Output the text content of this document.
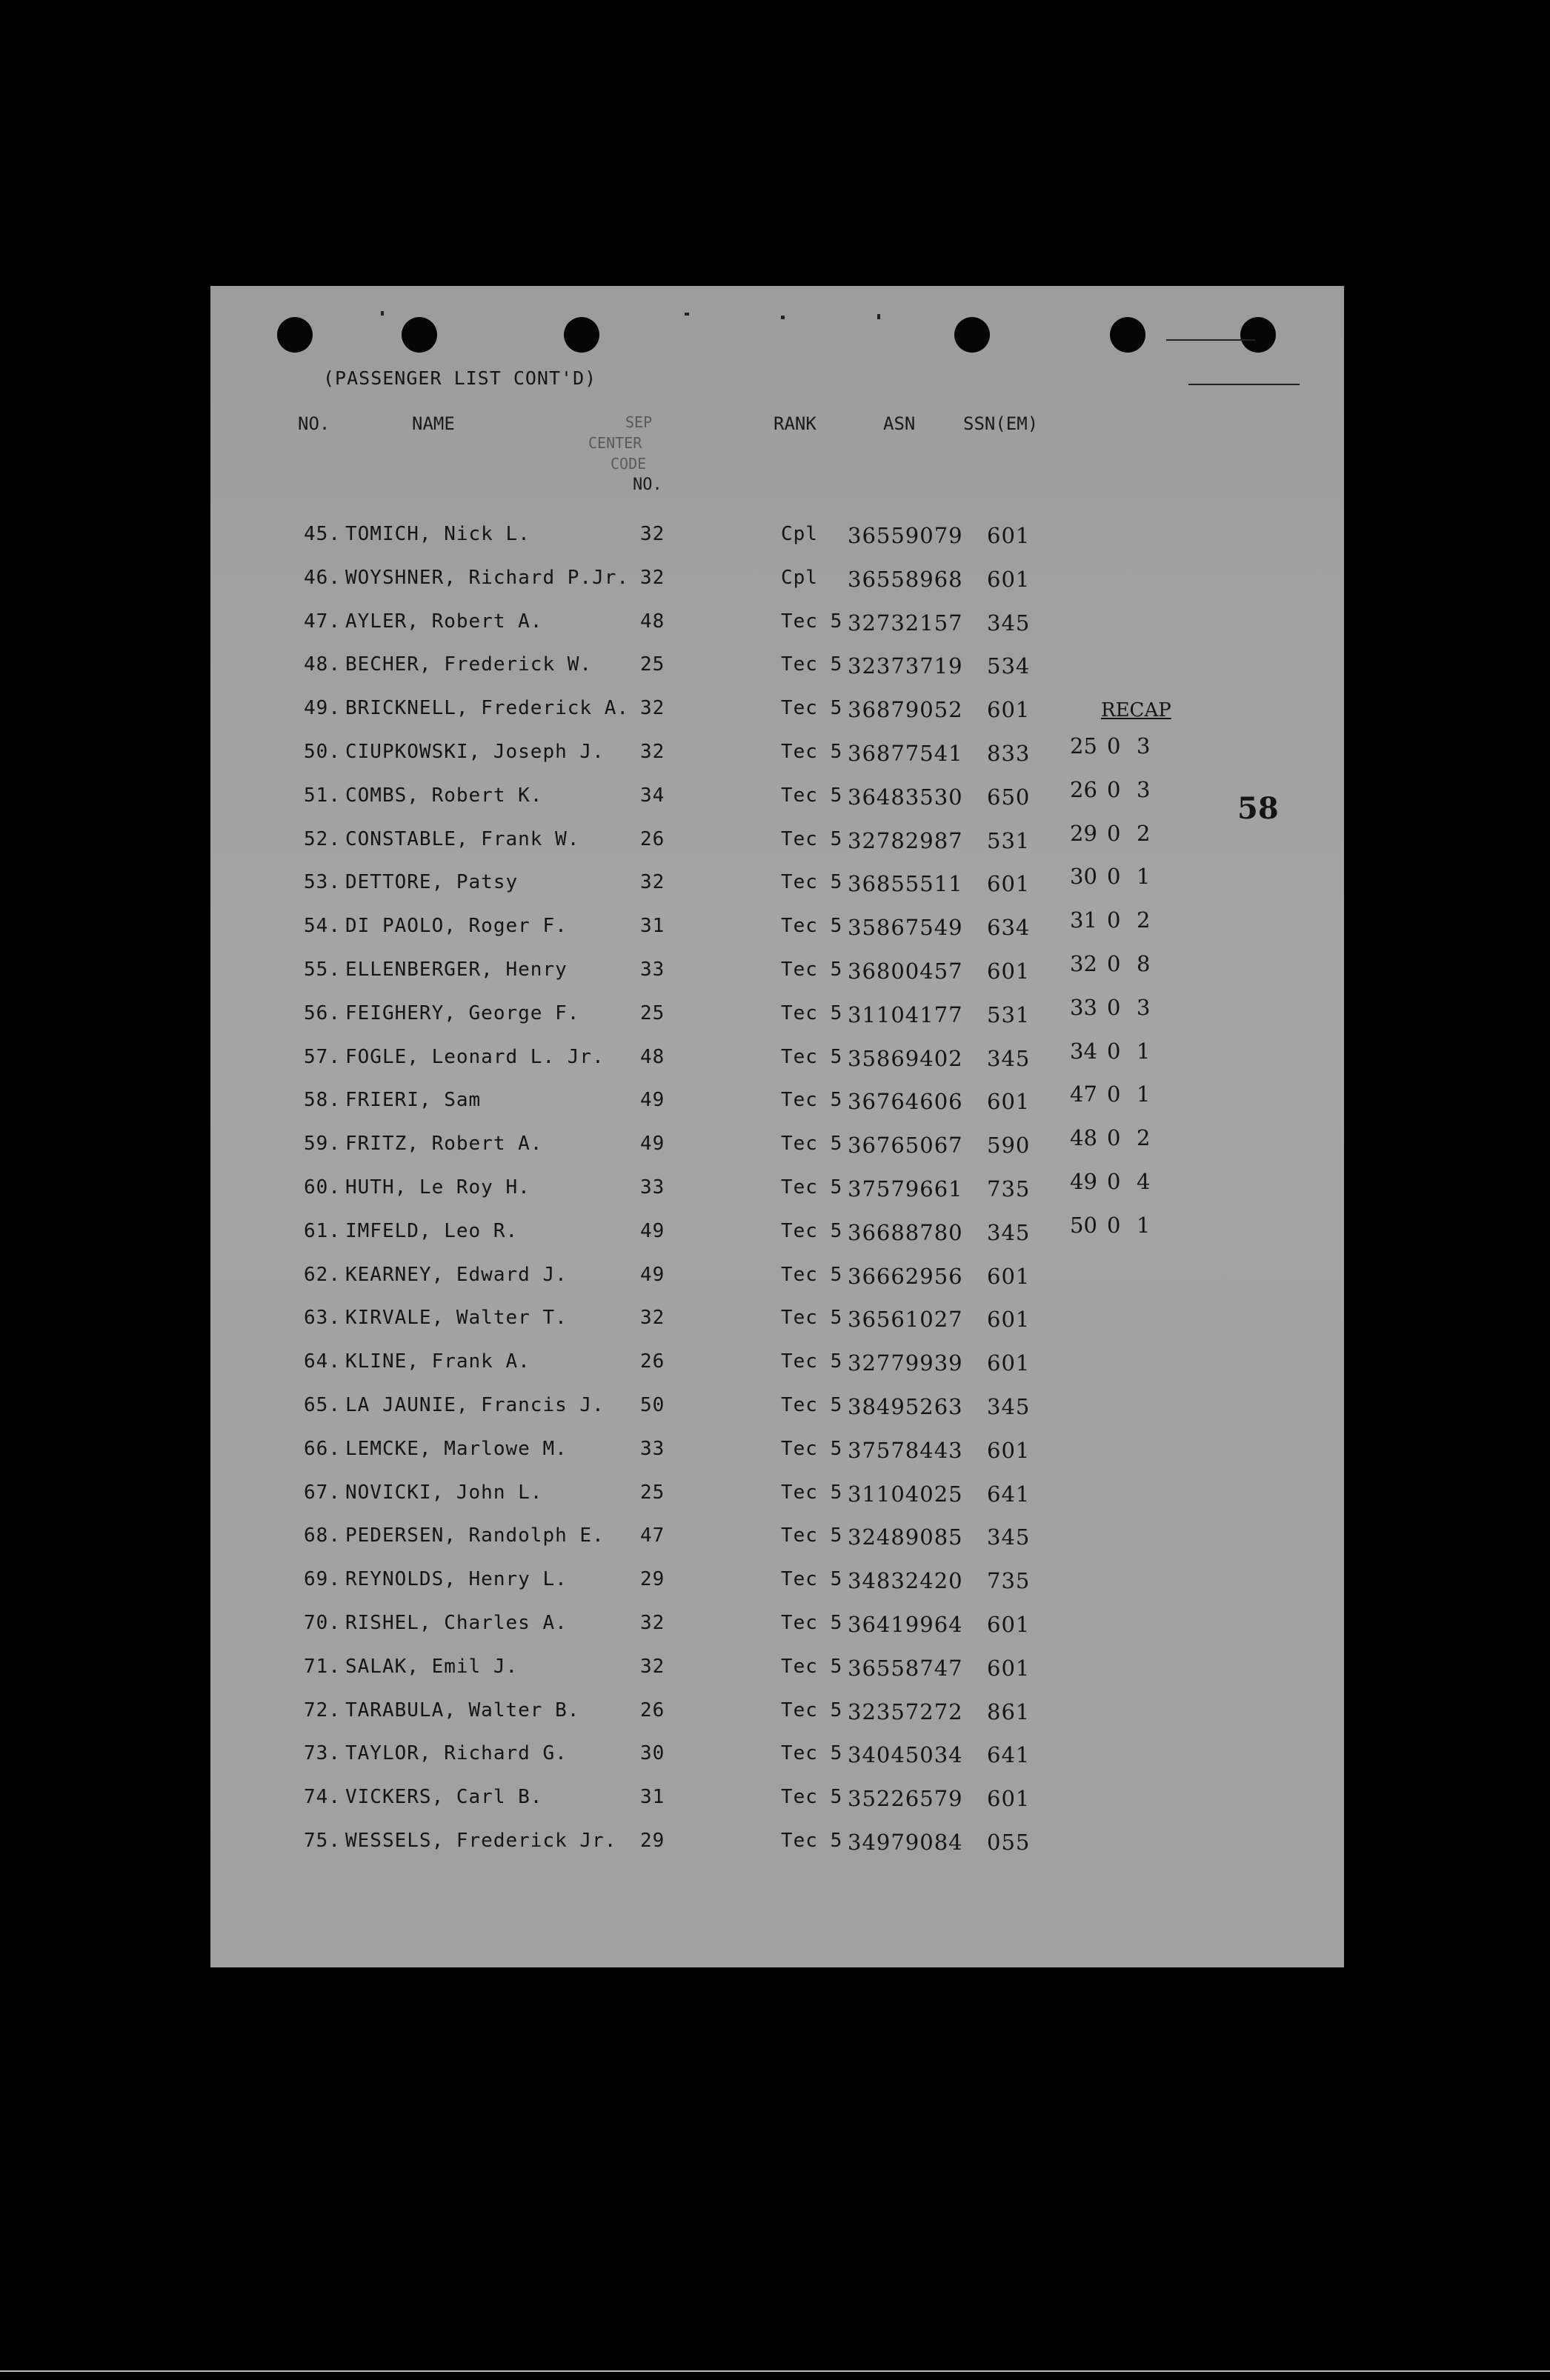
(PASSENGER LIST CONT'D)
NO.	NAME	SEP
CENTER
CODE
NO.
RANK	ASN	SSN(EM)
58
RECAP
25 0 3
26 0 3
29 0 2
30 0 1
31 0 2
32 0 8
33 0 3
34 0 1
47 0 1
48 0 2
49 0 4
50 0 1
45. TOMICH, Nick L.	32	Cpl 36559079 601
46. WOYSHNER, Richard P.Jr. 32	Cpl 36558968 601
47. AYLER, Robert A.	48	Tec 5 32732157 345
48. BECHER, Frederick W. 25	Tec 5 32373719 534
49. BRICKNELL, Frederick A. 32	Tec 5 36879052 601
50. CIUPKOWSKI, Joseph J. 32	Tec 5 36877541 833
51. COMBS, Robert K.	34	Tec 5 36483530 650
52. CONSTABLE, Frank W.	26	Tec 5 32782987 531
53. DETTORE, Patsy	32	Tec 5 36855511 601
54. DI PAOLO, Roger F.	31	Tec 5 35867549 634
55. ELLENBERGER, Henry	33	Tec 5 36800457 601
56. FEIGHERY, George F.	25	Tec 5 31104177 531
57. FOGLE, Leonard L. Jr. 48	Tec 5 35869402 345
58. FRIERI, Sam	49	Tec 5 36764606 601
59. FRITZ, Robert A.	49	Tec 5 36765067 590
60. HUTH, Le Roy H.	33	Tec 5 37579661 735
61. IMFELD, Leo R.	49	Tec 5 36688780 345
62. KEARNEY, Edward J.	49	Tec 5 36662956 601
63. KIRVALE, Walter T.	32	Tec 5 36561027 601
64. KLINE, Frank A.	26	Tec 5 32779939 601
65. LA JAUNIE, Francis J. 50	Tec 5 38495263 345
66. LEMCKE, Marlowe M.	33	Tec 5 37578443 601
67. NOVICKI, John L.	25	Tec 5 31104025 641
68. PEDERSEN, Randolph E. 47	Tec 5 32489085 345
69. REYNOLDS, Henry L.	29	Tec 5 34832420 735
70. RISHEL, Charles A.	32	Tec 5 36419964 601
71. SALAK, Emil J.	32	Tec 5 36558747 601
72. TARABULA, Walter B.	26	Tec 5 32357272 861
73. TAYLOR, Richard G.	30	Tec 5 34045034 641
74. VICKERS, Carl B.	31	Tec 5 35226579 601
75. WESSELS, Frederick Jr. 29	Tec 5 34979084 055
